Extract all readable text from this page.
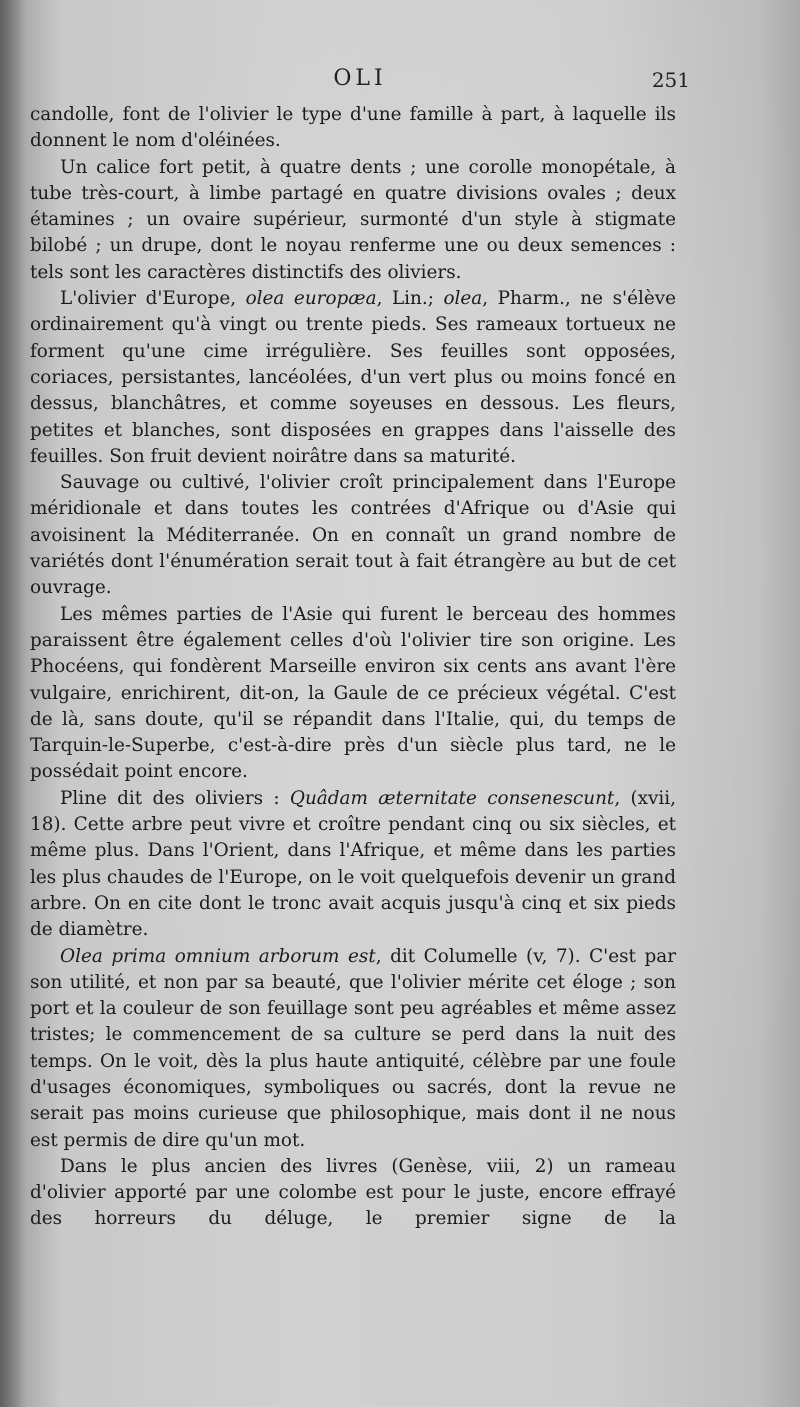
OLI	251

candolle, font de l'olivier le type d'une famille à part, à laquelle ils donnent le nom d'oléinées.

Un calice fort petit, à quatre dents ; une corolle monopétale, à tube très-court, à limbe partagé en quatre divisions ovales ; deux étamines ; un ovaire supérieur, surmonté d'un style à stigmate bilobé ; un drupe, dont le noyau renferme une ou deux semences : tels sont les caractères distinctifs des oliviers.

L'olivier d'Europe, olea europæa, Lin.; olea, Pharm., ne s'élève ordinairement qu'à vingt ou trente pieds. Ses rameaux tortueux ne forment qu'une cime irrégulière. Ses feuilles sont opposées, coriaces, persistantes, lancéolées, d'un vert plus ou moins foncé en dessus, blanchâtres, et comme soyeuses en dessous. Les fleurs, petites et blanches, sont disposées en grappes dans l'aisselle des feuilles. Son fruit devient noirâtre dans sa maturité.

Sauvage ou cultivé, l'olivier croît principalement dans l'Europe méridionale et dans toutes les contrées d'Afrique ou d'Asie qui avoisinent la Méditerranée. On en connaît un grand nombre de variétés dont l'énumération serait tout à fait étrangère au but de cet ouvrage.

Les mêmes parties de l'Asie qui furent le berceau des hommes paraissent être également celles d'où l'olivier tire son origine. Les Phocéens, qui fondèrent Marseille environ six cents ans avant l'ère vulgaire, enrichirent, dit-on, la Gaule de ce précieux végétal. C'est de là, sans doute, qu'il se répandit dans l'Italie, qui, du temps de Tarquin-le-Superbe, c'est-à-dire près d'un siècle plus tard, ne le possédait point encore.

Pline dit des oliviers : Quâdam æternitate consenescunt, (xvii, 18). Cette arbre peut vivre et croître pendant cinq ou six siècles, et même plus. Dans l'Orient, dans l'Afrique, et même dans les parties les plus chaudes de l'Europe, on le voit quelquefois devenir un grand arbre. On en cite dont le tronc avait acquis jusqu'à cinq et six pieds de diamètre.

Olea prima omnium arborum est, dit Columelle (v, 7). C'est par son utilité, et non par sa beauté, que l'olivier mérite cet éloge ; son port et la couleur de son feuillage sont peu agréables et même assez tristes; le commencement de sa culture se perd dans la nuit des temps. On le voit, dès la plus haute antiquité, célèbre par une foule d'usages économiques, symboliques ou sacrés, dont la revue ne serait pas moins curieuse que philosophique, mais dont il ne nous est permis de dire qu'un mot.

Dans le plus ancien des livres (Genèse, viii, 2) un rameau d'olivier apporté par une colombe est pour le juste, encore effrayé des horreurs du déluge, le premier signe de la
